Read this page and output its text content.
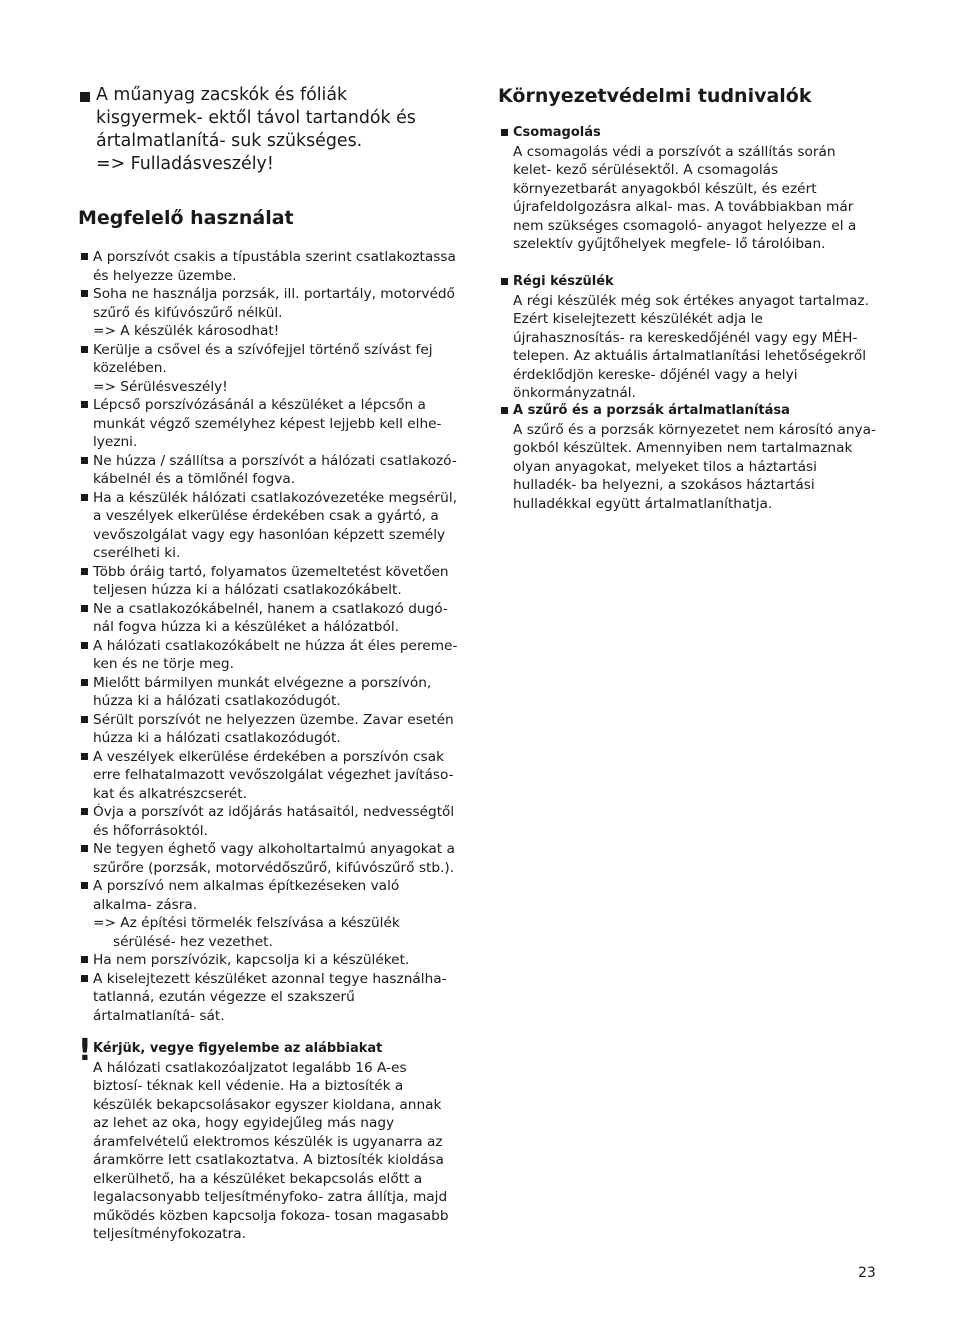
A műanyag zacskók és fóliák kisgyermek- ektől távol tartandók és ártalmatlanítá- suk szükséges.
=> Fulladásveszély!
Megfelelő használat
A porszívót csakis a típustábla szerint csatlakoztassa és helyezze üzembe.
Soha ne használja porzsák, ill. portartály, motorvédő szűrő és kifúvószűrő nélkül.
=> A készülék károsodhat!
Kerülje a csővel és a szívófejjel történő szívást fej közelében.
=> Sérülésveszély!
Lépcső porszívózásánál a készüléket a lépcsőn a munkát végző személyhez képest lejjebb kell elhe- lyezni.
Ne húzza / szállítsa a porszívót a hálózati csatlakozó- kábelnél és a tömlőnél fogva.
Ha a készülék hálózati csatlakozóvezetéke megsérül, a veszélyek elkerülése érdekében csak a gyártó, a vevőszolgálat vagy egy hasonlóan képzett személy cserélheti ki.
Több óráig tartó, folyamatos üzemeltetést követően teljesen húzza ki a hálózati csatlakozókábelt.
Ne a csatlakozókábelnél, hanem a csatlakozó dugó- nál fogva húzza ki a készüléket a hálózatból.
A hálózati csatlakozókábelt ne húzza át éles pereme- ken és ne törje meg.
Mielőtt bármilyen munkát elvégezne a porszívón, húzza ki a hálózati csatlakozódugót.
Sérült porszívót ne helyezzen üzembe. Zavar esetén húzza ki a hálózati csatlakozódugót.
A veszélyek elkerülése érdekében a porszívón csak erre felhatalmazott vevőszolgálat végezhet javításo- kat és alkatrészcserét.
Óvja a porszívót az időjárás hatásaitól, nedvességtől és hőforrásoktól.
Ne tegyen éghető vagy alkoholtartalmú anyagokat a szűrőre (porzsák, motorvédőszűrő, kifúvószűrő stb.).
A porszívó nem alkalmas építkezéseken való alkalma- zásra.
=> Az építési törmelék felszívása a készülék sérülésé- hez vezethet.
Ha nem porszívózik, kapcsolja ki a készüléket.
A kiselejtezett készüléket azonnal tegye használha- tatlanná, ezután végezze el szakszerű ártalmatlanítá- sát.
! Kérjük, vegye figyelembe az alábbiakat
A hálózati csatlakozóaljzatot legalább 16 A-es biztosí- téknak kell védenie. Ha a biztosíték a készülék bekapcsolásakor egyszer kioldana, annak az lehet az oka, hogy egyidejűleg más nagy áramfelvételű elektromos készülék is ugyanarra az áramkörre lett csatlakoztatva. A biztosíték kioldása elkerülhető, ha a készüléket bekapcsolás előtt a legalacsonyabb teljesítményfoko- zatra állítja, majd működés közben kapcsolja fokoza- tosan magasabb teljesítményfokozatra.
Környezetvédelmi tudnivalók
Csomagolás
A csomagolás védi a porszívót a szállítás során kelet- kező sérülésektől. A csomagolás környezetbarát anyagokból készült, és ezért újrafeldolgozásra alkal- mas. A továbbiakban már nem szükséges csomagoló- anyagot helyezze el a szelektív gyűjtőhelyek megfele- lő tárolóiban.
Régi készülék
A régi készülék még sok értékes anyagot tartalmaz. Ezért kiselejtezett készülékét adja le újrahasznosítás- ra kereskedőjénél vagy egy MÉH-telepen. Az aktuális ártalmatlanítási lehetőségekről érdeklődjön kereske- dőjénél vagy a helyi önkormányzatnál.
A szűrő és a porzsák ártalmatlanítása
A szűrő és a porzsák környezetet nem károsító anya- gokból készültek. Amennyiben nem tartalmaznak olyan anyagokat, melyeket tilos a háztartási hulladék- ba helyezni, a szokásos háztartási hulladékkal együtt ártalmatlaníthatja.
23
